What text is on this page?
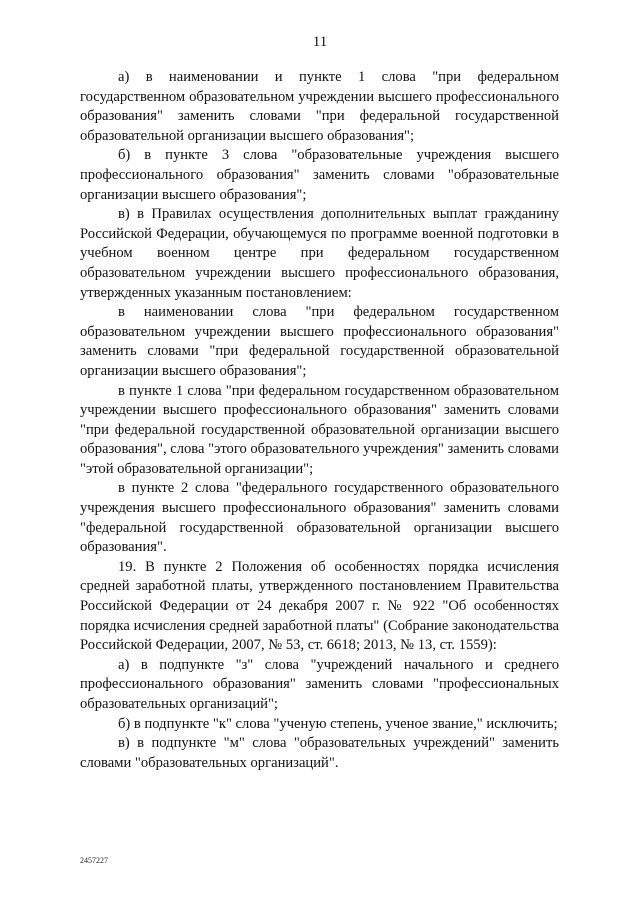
11

а) в наименовании и пункте 1 слова "при федеральном государственном образовательном учреждении высшего профессионального образования" заменить словами "при федеральной государственной образовательной организации высшего образования";

б) в пункте 3 слова "образовательные учреждения высшего профессионального образования" заменить словами "образовательные организации высшего образования";

в) в Правилах осуществления дополнительных выплат гражданину Российской Федерации, обучающемуся по программе военной подготовки в учебном военном центре при федеральном государственном образовательном учреждении высшего профессионального образования, утвержденных указанным постановлением:

в наименовании слова "при федеральном государственном образовательном учреждении высшего профессионального образования" заменить словами "при федеральной государственной образовательной организации высшего образования";

в пункте 1 слова "при федеральном государственном образовательном учреждении высшего профессионального образования" заменить словами "при федеральной государственной образовательной организации высшего образования", слова "этого образовательного учреждения" заменить словами "этой образовательной организации";

в пункте 2 слова "федерального государственного образовательного учреждения высшего профессионального образования" заменить словами "федеральной государственной образовательной организации высшего образования".

19. В пункте 2 Положения об особенностях порядка исчисления средней заработной платы, утвержденного постановлением Правительства Российской Федерации от 24 декабря 2007 г. № 922 "Об особенностях порядка исчисления средней заработной платы" (Собрание законодательства Российской Федерации, 2007, № 53, ст. 6618; 2013, № 13, ст. 1559):

а) в подпункте "з" слова "учреждений начального и среднего профессионального образования" заменить словами "профессиональных образовательных организаций";

б) в подпункте "к" слова "ученую степень, ученое звание," исключить;

в) в подпункте "м" слова "образовательных учреждений" заменить словами "образовательных организаций".

2457227
